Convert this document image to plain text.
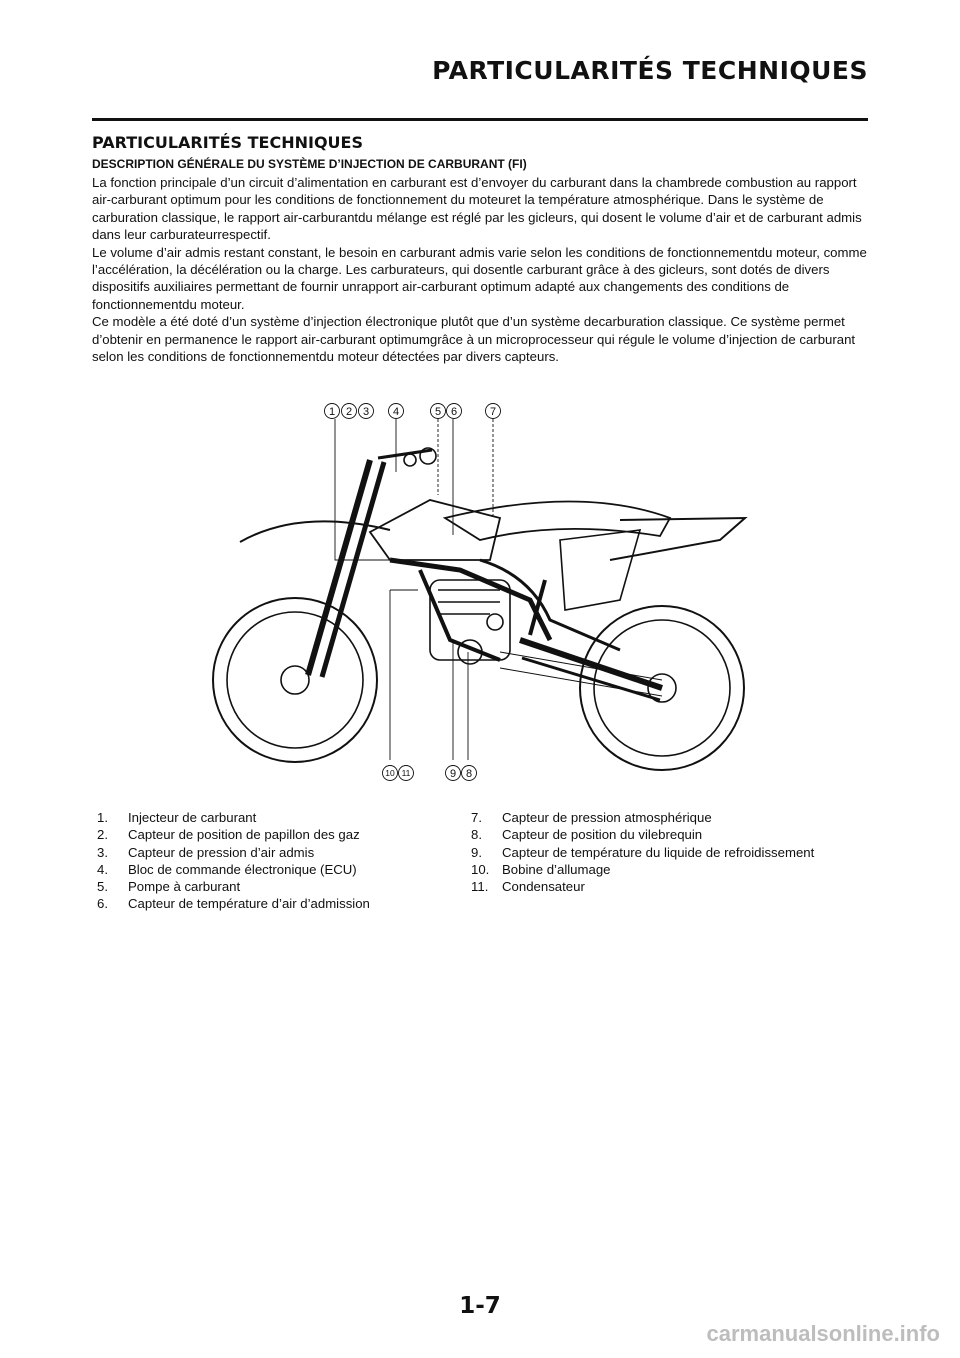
PARTICULARITÉS TECHNIQUES
PARTICULARITÉS TECHNIQUES
DESCRIPTION GÉNÉRALE DU SYSTÈME D’INJECTION DE CARBURANT (FI)

La fonction principale d’un circuit d’alimentation en carburant est d’envoyer du carburant dans la chambrede combustion au rapport air-carburant optimum pour les conditions de fonctionnement du moteuret la température atmosphérique. Dans le système de carburation classique, le rapport air-carburantdu mélange est réglé par les gicleurs, qui dosent le volume d’air et de carburant admis dans leur carburateurrespectif.

Le volume d’air admis restant constant, le besoin en carburant admis varie selon les conditions de fonctionnementdu moteur, comme l’accélération, la décélération ou la charge. Les carburateurs, qui dosentle carburant grâce à des gicleurs, sont dotés de divers dispositifs auxiliaires permettant de fournir unrapport air-carburant optimum adapté aux changements des conditions de fonctionnementdu moteur.

Ce modèle a été doté d’un système d’injection électronique plutôt que d’un système decarburation classique. Ce système permet d’obtenir en permanence le rapport air-carburant optimumgrâce à un microprocesseur qui régule le volume d’injection de carburant selon les conditions de fonctionnementdu moteur détectées par divers capteurs.

1 2 3 4	5 6	7
8
9
10 11
1.	Injecteur de carburant
2.	Capteur de position de papillon des gaz
3.	Capteur de pression d’air admis
4.	Bloc de commande électronique (ECU)
5.	Pompe à carburant
6.	Capteur de température d’air d’admission
7.	Capteur de pression atmosphérique
8.	Capteur de position du vilebrequin
9.	Capteur de température du liquide de refroidissement
10. Bobine d’allumage
11.	Condensateur
1-7
carmanualsonline.info
